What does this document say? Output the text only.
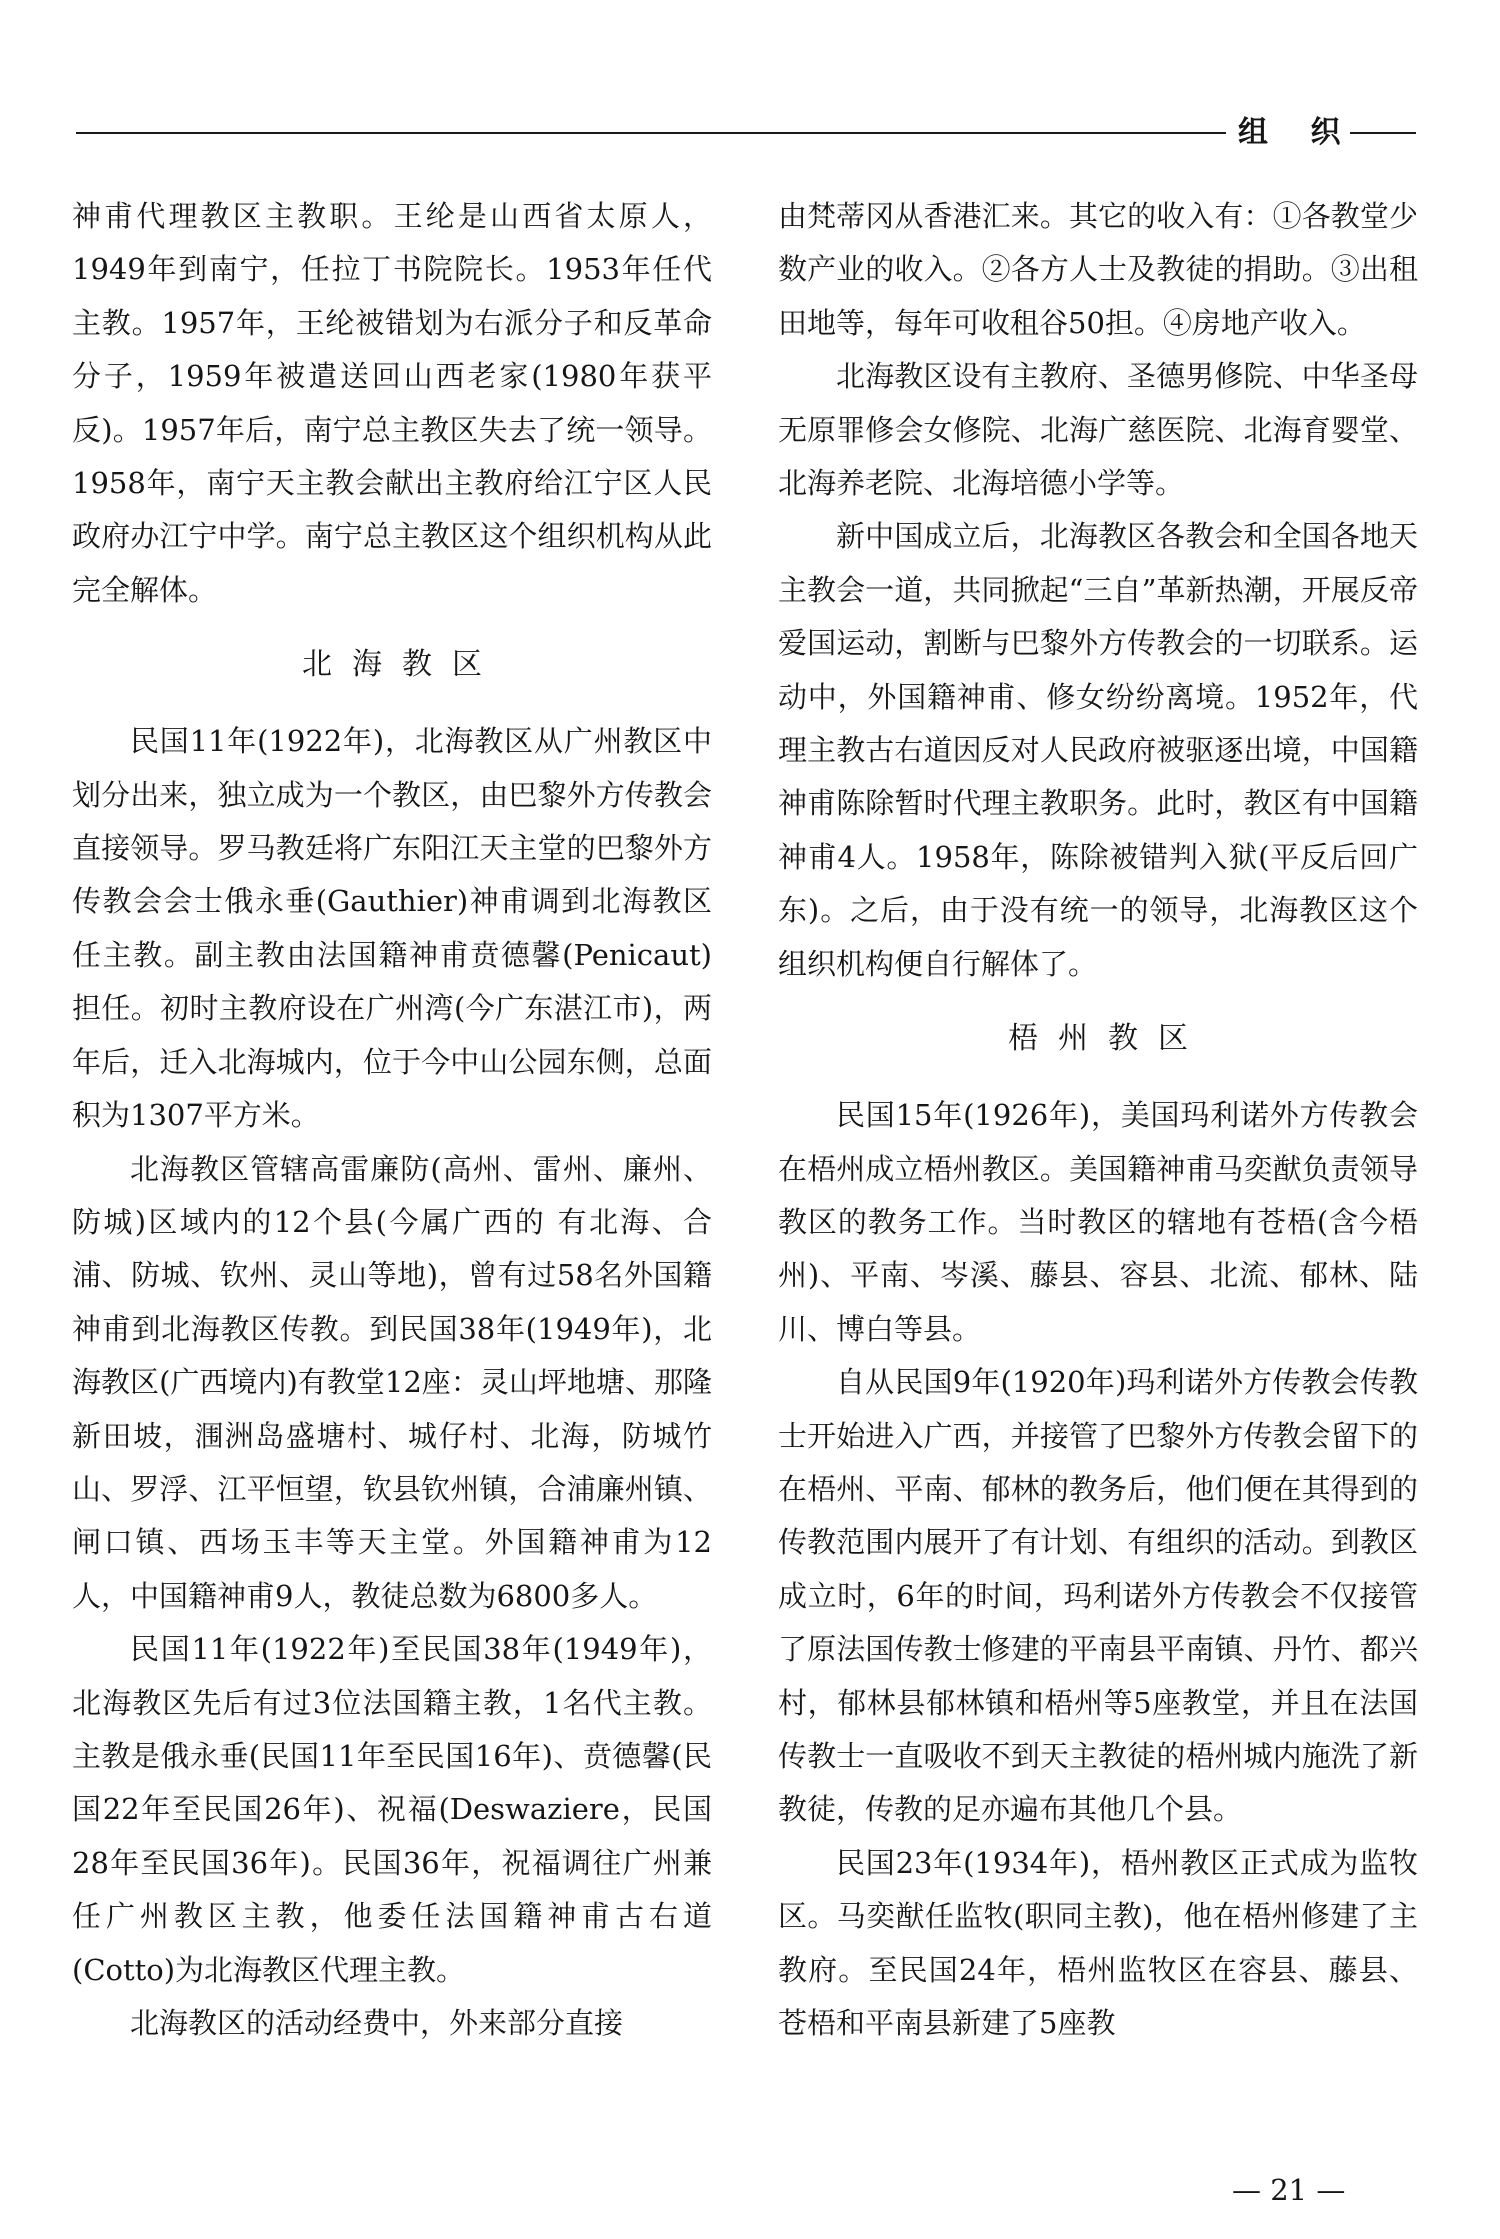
组 织

神甫代理教区主教职。王纶是山西省太原人，1949年到南宁，任拉丁书院院长。1953年任代主教。1957年，王纶被错划为右派分子和反革命分子，1959年被遣送回山西老家(1980年获平反)。1957年后，南宁总主教区失去了统一领导。1958年，南宁天主教会献出主教府给江宁区人民政府办江宁中学。南宁总主教区这个组织机构从此完全解体。

北海教区

民国11年(1922年)，北海教区从广州教区中划分出来，独立成为一个教区，由巴黎外方传教会直接领导。罗马教廷将广东阳江天主堂的巴黎外方传教会会士俄永垂(Gauthier)神甫调到北海教区任主教。副主教由法国籍神甫贲德馨(Penicaut)担任。初时主教府设在广州湾(今广东湛江市)，两年后，迁入北海城内，位于今中山公园东侧，总面积为1307平方米。

北海教区管辖高雷廉防(高州、雷州、廉州、防城)区域内的12个县(今属广西的 有北海、合浦、防城、钦州、灵山等地)，曾有过58名外国籍神甫到北海教区传教。到民国38年(1949年)，北海教区(广西境内)有教堂12座：灵山坪地塘、那隆新田坡，涠洲岛盛塘村、城仔村、北海，防城竹山、罗浮、江平恒望，钦县钦州镇，合浦廉州镇、闸口镇、西场玉丰等天主堂。外国籍神甫为12人，中国籍神甫9人，教徒总数为6800多人。

民国11年(1922年)至民国38年(1949年)，北海教区先后有过3位法国籍主教，1名代主教。主教是俄永垂(民国11年至民国16年)、贲德馨(民国22年至民国26年)、祝福(Deswaziere，民国28年至民国36年)。民国36年，祝福调往广州兼任广州教区主教，他委任法国籍神甫古右道(Cotto)为北海教区代理主教。

北海教区的活动经费中，外来部分直接

由梵蒂冈从香港汇来。其它的收入有：①各教堂少数产业的收入。②各方人士及教徒的捐助。③出租田地等，每年可收租谷50担。④房地产收入。

北海教区设有主教府、圣德男修院、中华圣母无原罪修会女修院、北海广慈医院、北海育婴堂、北海养老院、北海培德小学等。

新中国成立后，北海教区各教会和全国各地天主教会一道，共同掀起“三自”革新热潮，开展反帝爱国运动，割断与巴黎外方传教会的一切联系。运动中，外国籍神甫、修女纷纷离境。1952年，代理主教古右道因反对人民政府被驱逐出境，中国籍神甫陈除暂时代理主教职务。此时，教区有中国籍神甫4人。1958年，陈除被错判入狱(平反后回广东)。之后，由于没有统一的领导，北海教区这个组织机构便自行解体了。

梧州教区

民国15年(1926年)，美国玛利诺外方传教会在梧州成立梧州教区。美国籍神甫马奕猷负责领导教区的教务工作。当时教区的辖地有苍梧(含今梧州)、平南、岑溪、藤县、容县、北流、郁林、陆川、博白等县。

自从民国9年(1920年)玛利诺外方传教会传教士开始进入广西，并接管了巴黎外方传教会留下的在梧州、平南、郁林的教务后，他们便在其得到的传教范围内展开了有计划、有组织的活动。到教区成立时，6年的时间，玛利诺外方传教会不仅接管了原法国传教士修建的平南县平南镇、丹竹、都兴村，郁林县郁林镇和梧州等5座教堂，并且在法国传教士一直吸收不到天主教徒的梧州城内施洗了新教徒，传教的足亦遍布其他几个县。

民国23年(1934年)，梧州教区正式成为监牧区。马奕猷任监牧(职同主教)，他在梧州修建了主教府。至民国24年，梧州监牧区在容县、藤县、苍梧和平南县新建了5座教

— 21 —
